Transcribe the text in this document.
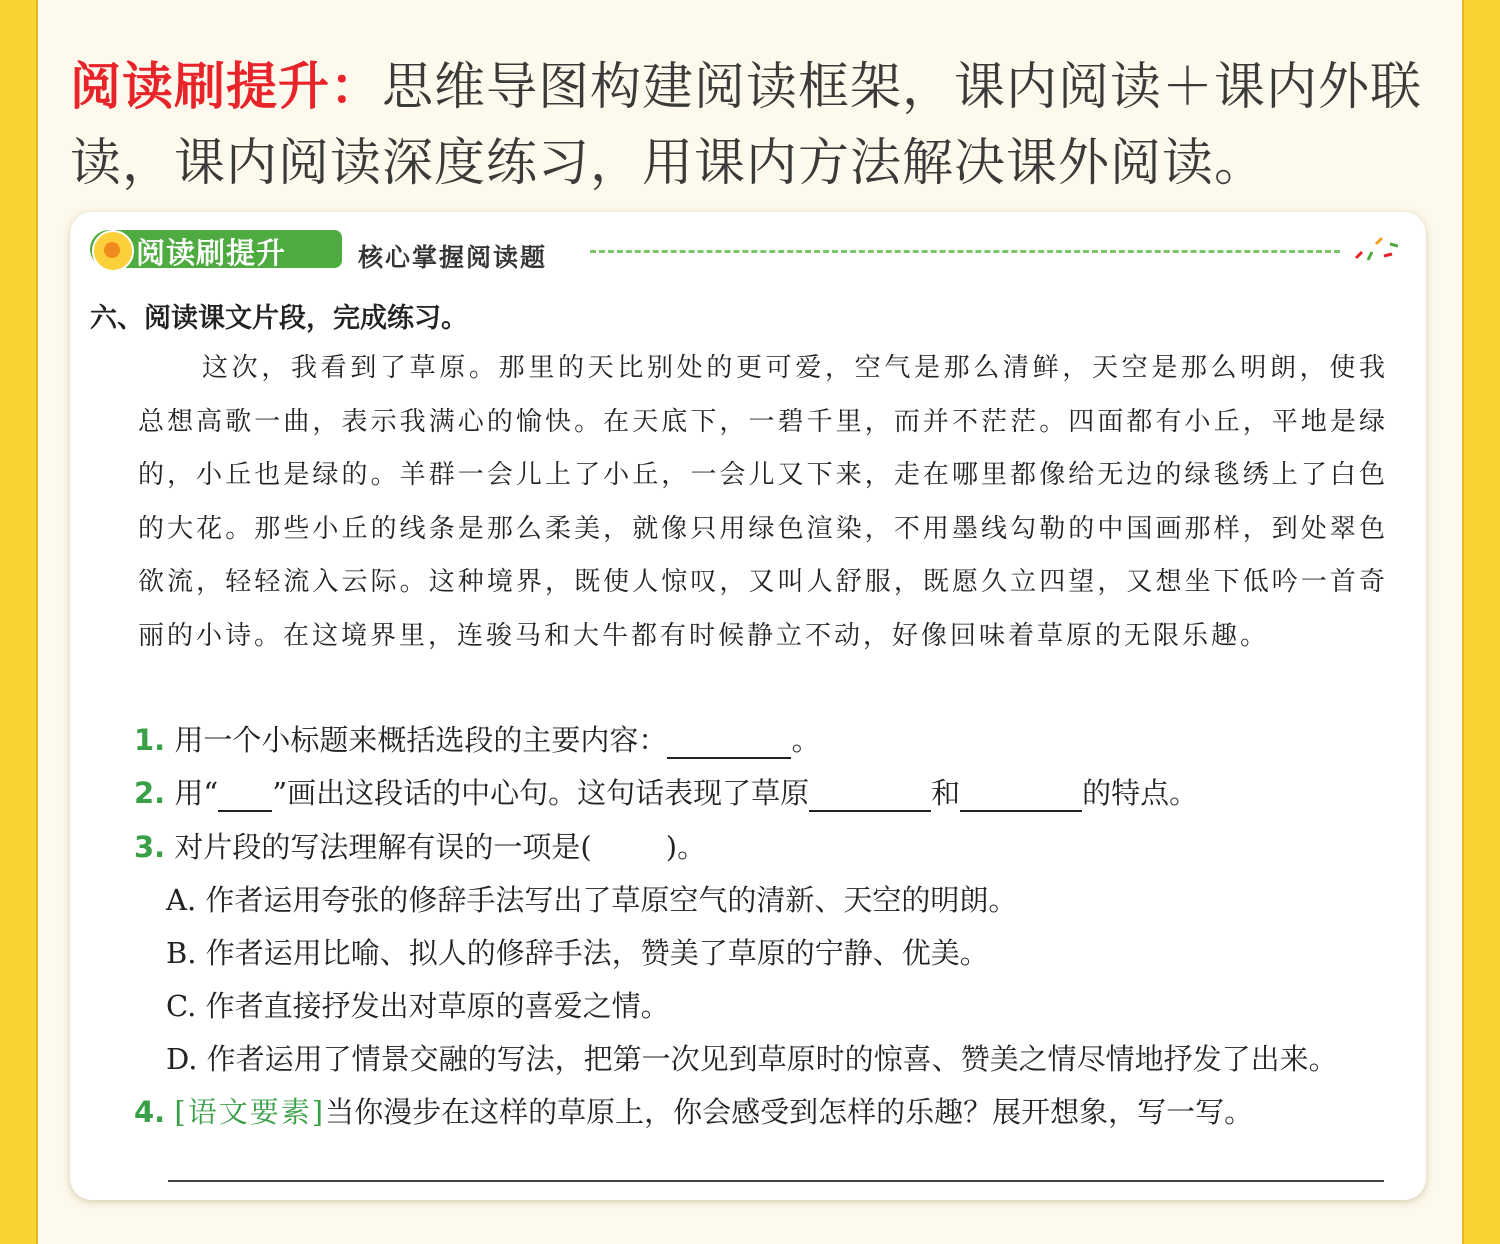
阅读刷提升：思维导图构建阅读框架，课内阅读＋课内外联读，课内阅读深度练习，用课内方法解决课外阅读。
阅读刷提升	核心掌握阅读题
六、阅读课文片段，完成练习。
这次，我看到了草原。那里的天比别处的更可爱，空气是那么清鲜，天空是那么明朗，使我总想高歌一曲，表示我满心的愉快。在天底下，一碧千里，而并不茫茫。四面都有小丘，平地是绿的，小丘也是绿的。羊群一会儿上了小丘，一会儿又下来，走在哪里都像给无边的绿毯绣上了白色的大花。那些小丘的线条是那么柔美，就像只用绿色渲染，不用墨线勾勒的中国画那样，到处翠色欲流，轻轻流入云际。这种境界，既使人惊叹，又叫人舒服，既愿久立四望，又想坐下低吟一首奇丽的小诗。在这境界里，连骏马和大牛都有时候静立不动，好像回味着草原的无限乐趣。
1. 用一个小标题来概括选段的主要内容：	。
2. 用“ ”画出这段话的中心句。这句话表现了草原	和	的特点。
3. 对片段的写法理解有误的一项是(	)。
A. 作者运用夸张的修辞手法写出了草原空气的清新、天空的明朗。
B. 作者运用比喻、拟人的修辞手法，赞美了草原的宁静、优美。
C. 作者直接抒发出对草原的喜爱之情。
D. 作者运用了情景交融的写法，把第一次见到草原时的惊喜、赞美之情尽情地抒发了出来。
4. [语文要素]当你漫步在这样的草原上，你会感受到怎样的乐趣？展开想象，写一写。
